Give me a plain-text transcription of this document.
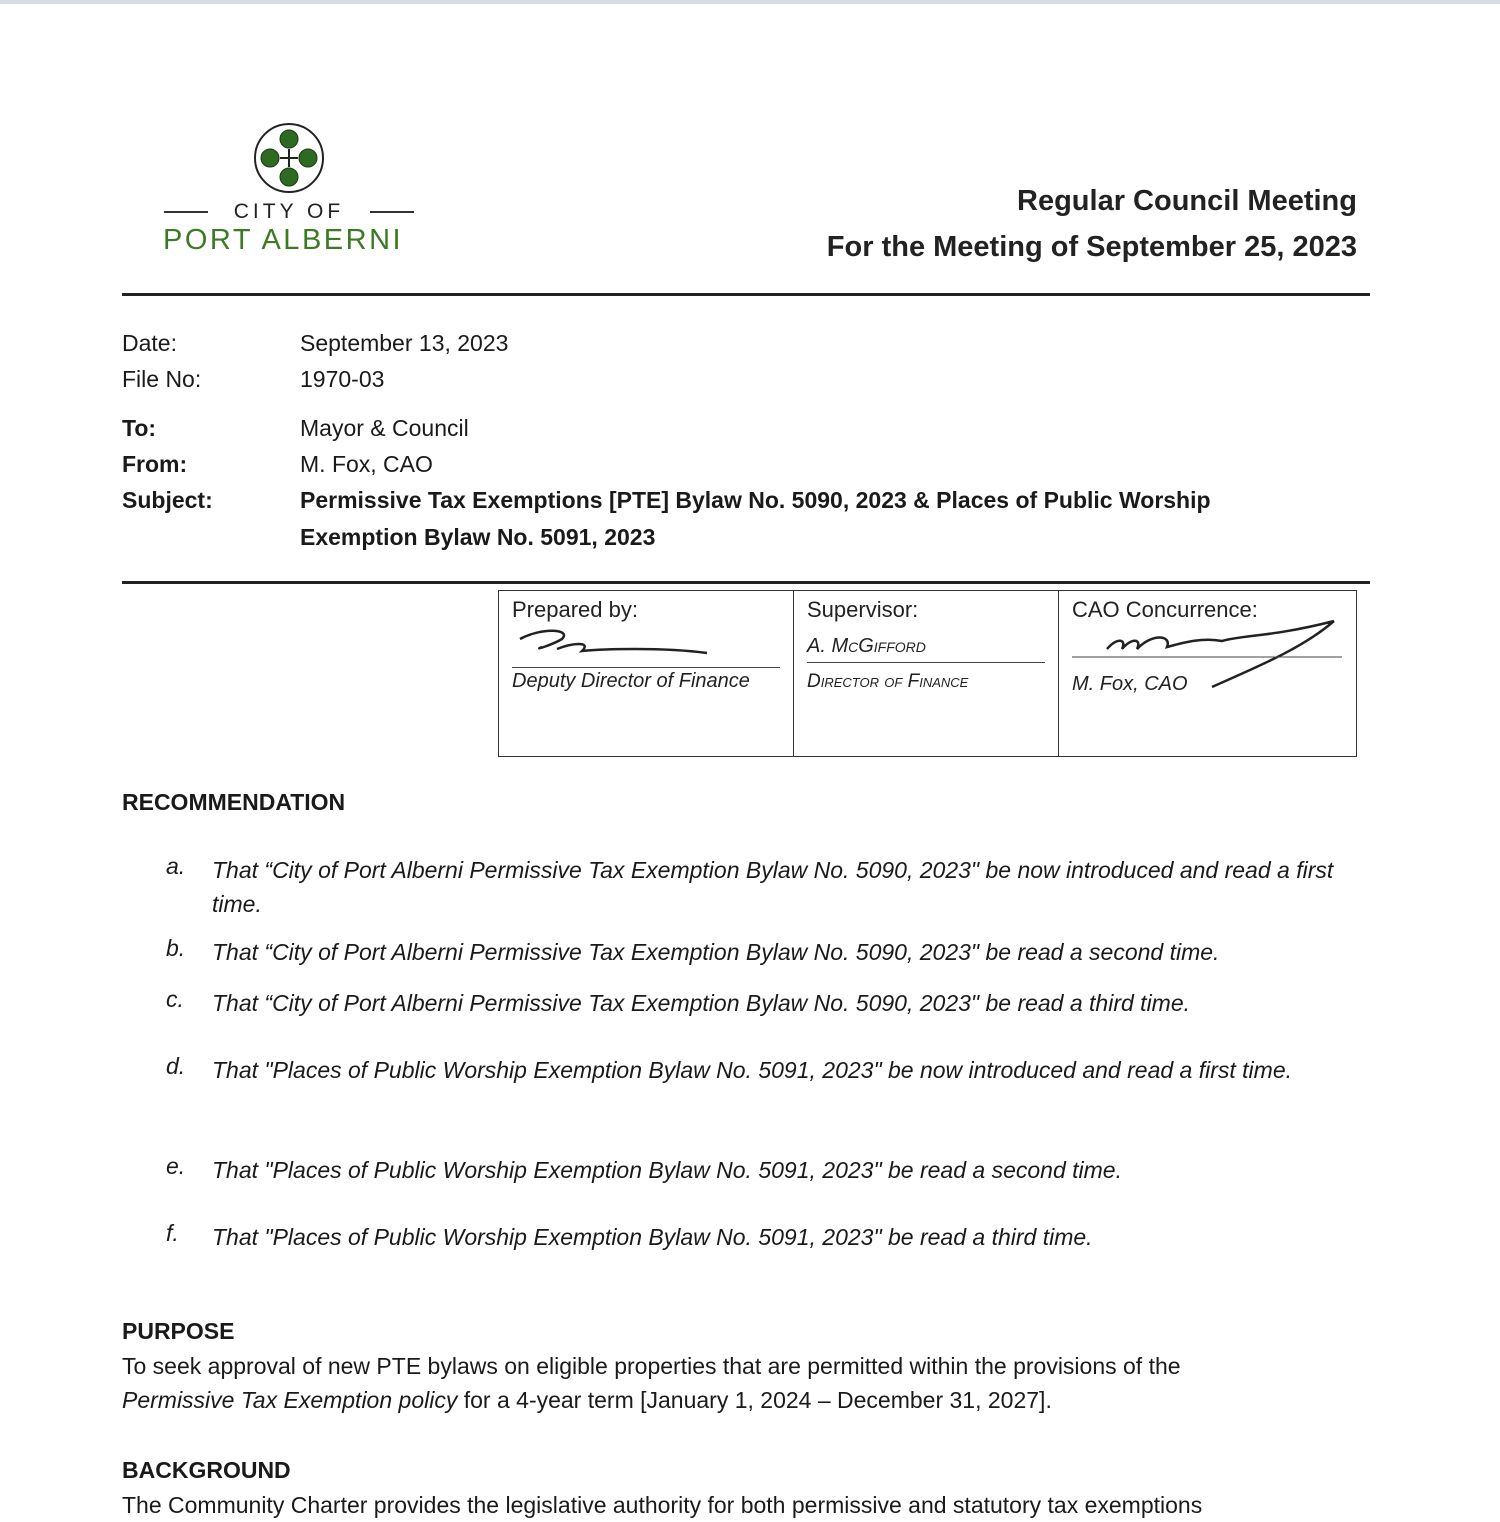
CITY OF
PORT ALBERNI
Regular Council Meeting
For the Meeting of September 25, 2023
Date:	September 13, 2023
File No:	1970-03
To:	Mayor & Council
From:	M. Fox, CAO
Subject:	Permissive Tax Exemptions [PTE] Bylaw No. 5090, 2023 & Places of Public Worship
Exemption Bylaw No. 5091, 2023
Prepared by:
Deputy Director of Finance

Supervisor:
A. McGifford
Director of Finance

CAO Concurrence:
M. Fox, CAO
RECOMMENDATION
a.	That “City of Port Alberni Permissive Tax Exemption Bylaw No. 5090, 2023" be now introduced and read a first time.
b.	That “City of Port Alberni Permissive Tax Exemption Bylaw No. 5090, 2023" be read a second time.
c.	That “City of Port Alberni Permissive Tax Exemption Bylaw No. 5090, 2023" be read a third time.
d.	That "Places of Public Worship Exemption Bylaw No. 5091, 2023" be now introduced and read a first time.
e.	That "Places of Public Worship Exemption Bylaw No. 5091, 2023" be read a second time.
f.	That "Places of Public Worship Exemption Bylaw No. 5091, 2023" be read a third time.
PURPOSE
To seek approval of new PTE bylaws on eligible properties that are permitted within the provisions of the
Permissive Tax Exemption policy for a 4-year term [January 1, 2024 – December 31, 2027].
BACKGROUND
The Community Charter provides the legislative authority for both permissive and statutory tax exemptions
